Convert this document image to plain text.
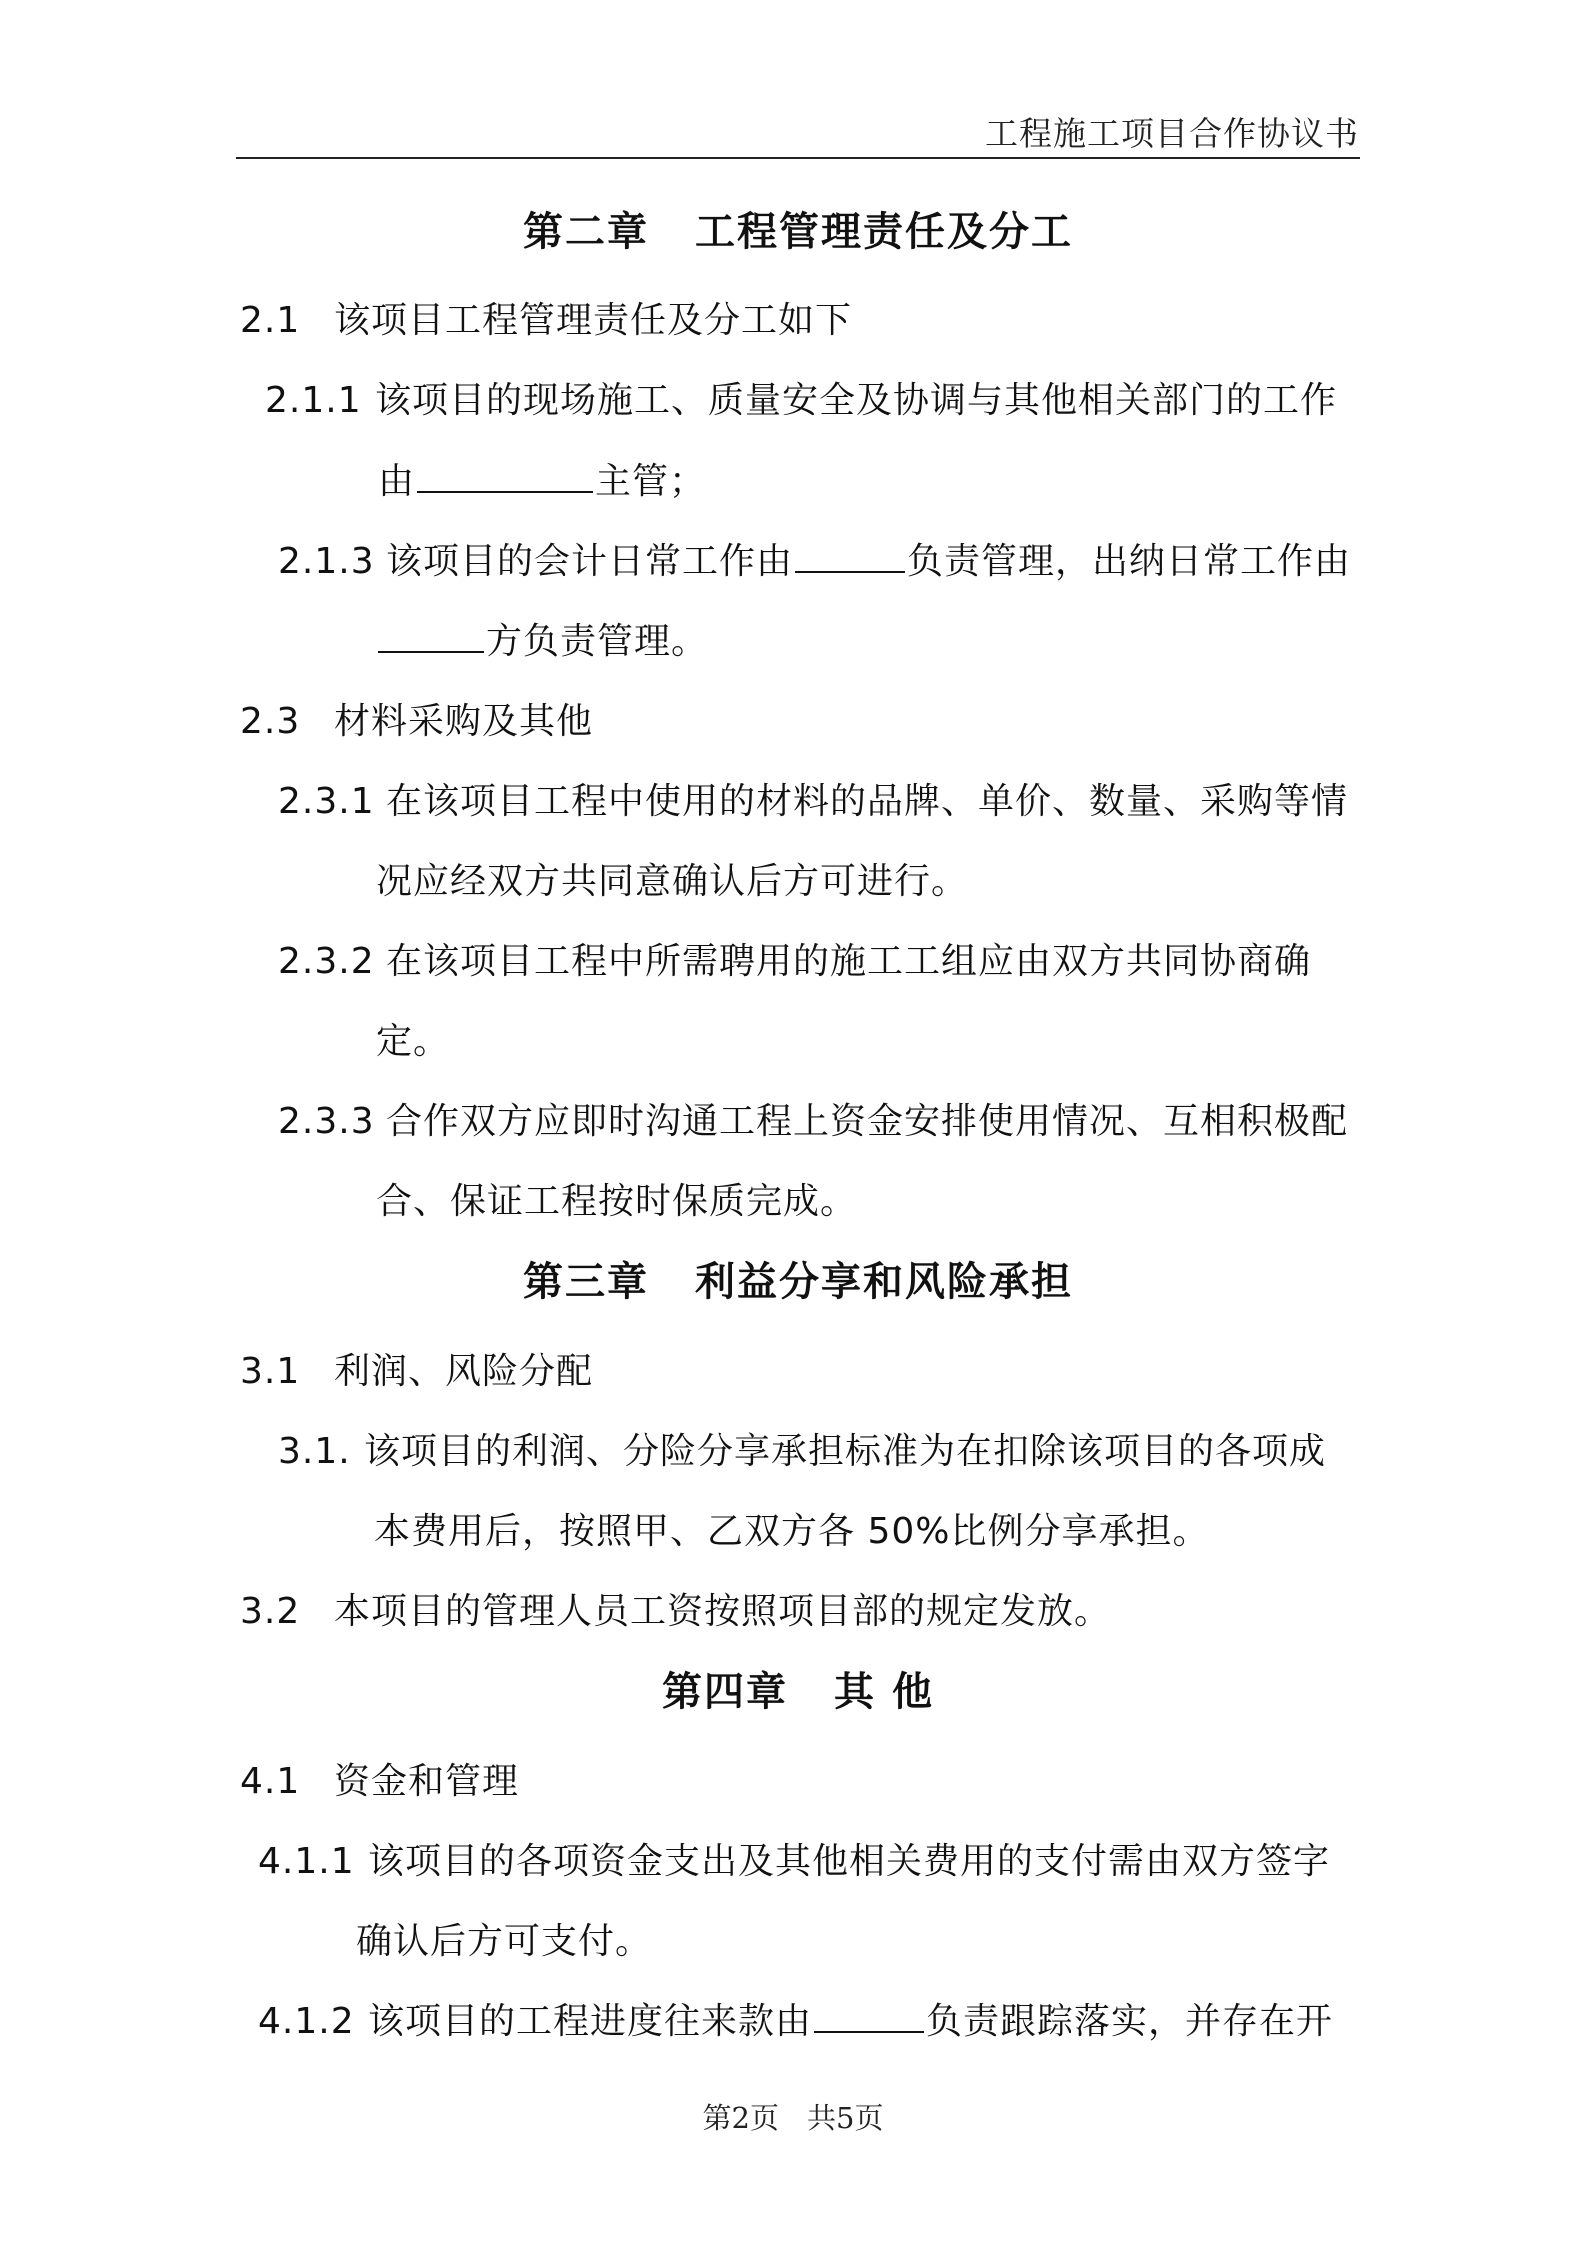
工程施工项目合作协议书
第二章 工程管理责任及分工
2.1 该项目工程管理责任及分工如下
2.1.1 该项目的现场施工、质量安全及协调与其他相关部门的工作
由	主管；
2.1.3 该项目的会计日常工作由	负责管理，出纳日常工作由
方负责管理。
2.3 材料采购及其他
2.3.1 在该项目工程中使用的材料的品牌、单价、数量、采购等情
况应经双方共同意确认后方可进行。
2.3.2 在该项目工程中所需聘用的施工工组应由双方共同协商确
定。
2.3.3 合作双方应即时沟通工程上资金安排使用情况、互相积极配
合、保证工程按时保质完成。
第三章 利益分享和风险承担
3.1 利润、风险分配
3.1. 该项目的利润、分险分享承担标准为在扣除该项目的各项成
本费用后，按照甲、乙双方各 50%比例分享承担。
3.2 本项目的管理人员工资按照项目部的规定发放。
第四章 其 他
4.1 资金和管理
4.1.1 该项目的各项资金支出及其他相关费用的支付需由双方签字
确认后方可支付。
4.1.2 该项目的工程进度往来款由	负责跟踪落实，并存在开
第2页 共5页
